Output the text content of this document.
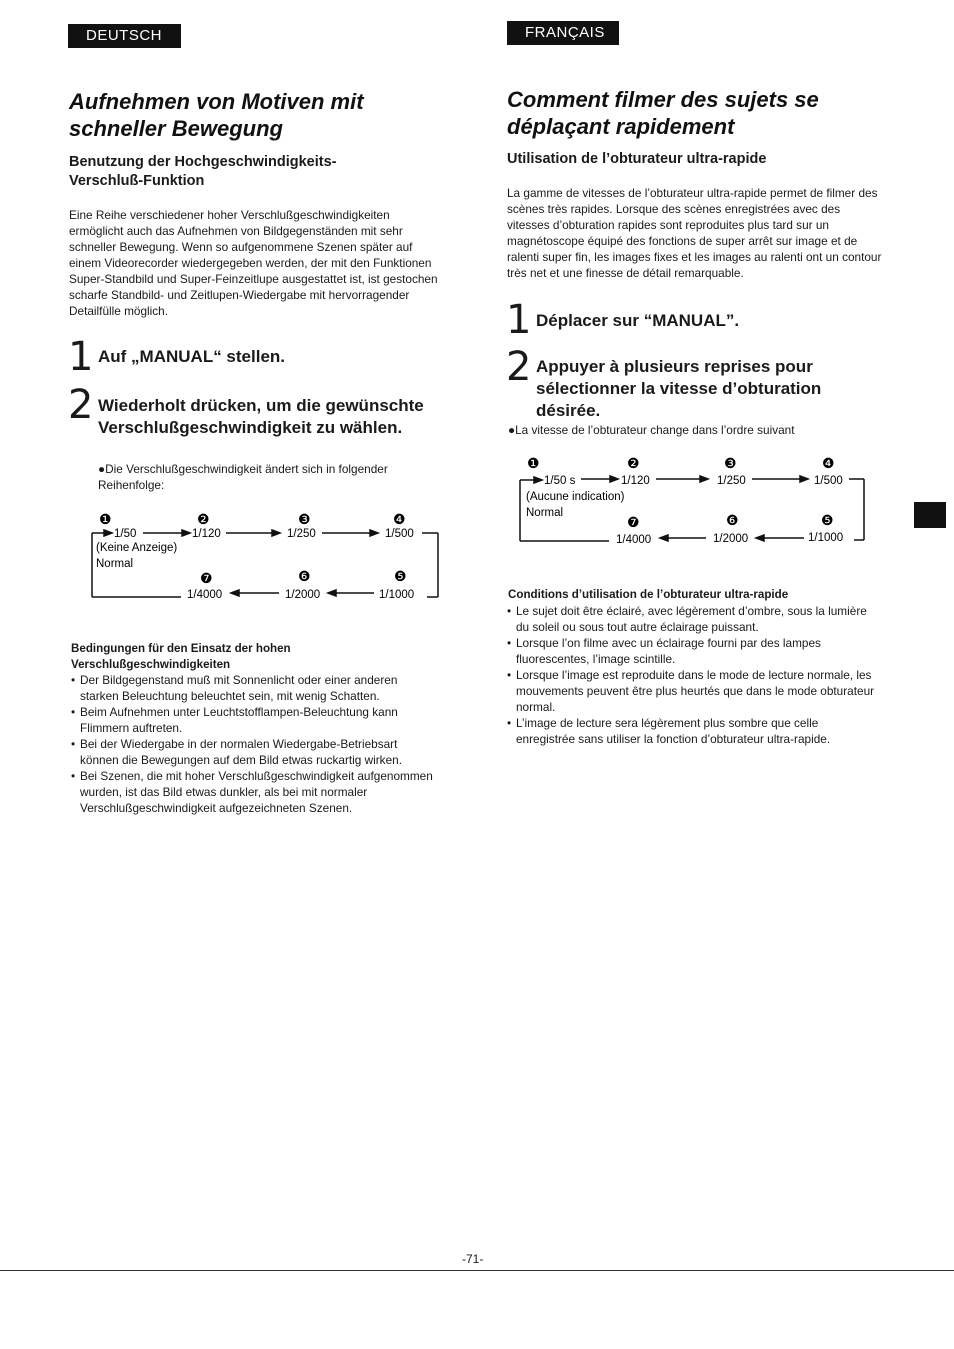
DEUTSCH
Aufnehmen von Motiven mit schneller Bewegung
Benutzung der Hochgeschwindigkeits-Verschluß-Funktion
Eine Reihe verschiedener hoher Verschlußgeschwindigkeiten ermöglicht auch das Aufnehmen von Bildgegenständen mit sehr schneller Bewegung. Wenn so aufgenommene Szenen später auf einem Videorecorder wiedergegeben werden, der mit den Funktionen Super-Standbild und Super-Feinzeitlupe ausgestattet ist, ist gestochen scharfe Standbild- und Zeitlupen-Wiedergabe mit hervorragender Detailfülle möglich.
1 Auf „MANUAL“ stellen.
2 Wiederholt drücken, um die gewünschte Verschlußgeschwindigkeit zu wählen.
●Die Verschlußgeschwindigkeit ändert sich in folgender Reihenfolge:
❶	❷	❸	❹
1/50	1/120	1/250	1/500
(Keine Anzeige)
Normal
❼	❻	❺
1/4000	1/2000	1/1000
Bedingungen für den Einsatz der hohen Verschlußgeschwindigkeiten
• Der Bildgegenstand muß mit Sonnenlicht oder einer anderen starken Beleuchtung beleuchtet sein, mit wenig Schatten.
• Beim Aufnehmen unter Leuchtstofflampen-Beleuchtung kann Flimmern auftreten.
• Bei der Wiedergabe in der normalen Wiedergabe-Betriebsart können die Bewegungen auf dem Bild etwas ruckartig wirken.
• Bei Szenen, die mit hoher Verschlußgeschwindigkeit aufgenommen wurden, ist das Bild etwas dunkler, als bei mit normaler Verschlußgeschwindigkeit aufgezeichneten Szenen.
FRANÇAIS
Comment filmer des sujets se déplaçant rapidement
Utilisation de l’obturateur ultra-rapide
La gamme de vitesses de l’obturateur ultra-rapide permet de filmer des scènes très rapides. Lorsque des scènes enregistrées avec des vitesses d’obturation rapides sont reproduites plus tard sur un magnétoscope équipé des fonctions de super arrêt sur image et de ralenti super fin, les images fixes et les images au ralenti ont un contour très net et une finesse de détail remarquable.
1 Déplacer sur “MANUAL”.
2 Appuyer à plusieurs reprises pour sélectionner la vitesse d’obturation désirée.
●La vitesse de l’obturateur change dans l’ordre suivant
❶	❷	❸	❹
1/50 s	1/120	1/250	1/500
(Aucune indication)
Normal
❼	❻	❺
1/4000	1/2000	1/1000
Conditions d’utilisation de l’obturateur ultra-rapide
• Le sujet doit être éclairé, avec légèrement d’ombre, sous la lumière du soleil ou sous tout autre éclairage puissant.
• Lorsque l’on filme avec un éclairage fourni par des lampes fluorescentes, l’image scintille.
• Lorsque l’image est reproduite dans le mode de lecture normale, les mouvements peuvent être plus heurtés que dans le mode obturateur normal.
• L’image de lecture sera légèrement plus sombre que celle enregistrée sans utiliser la fonction d’obturateur ultra-rapide.
-71-
